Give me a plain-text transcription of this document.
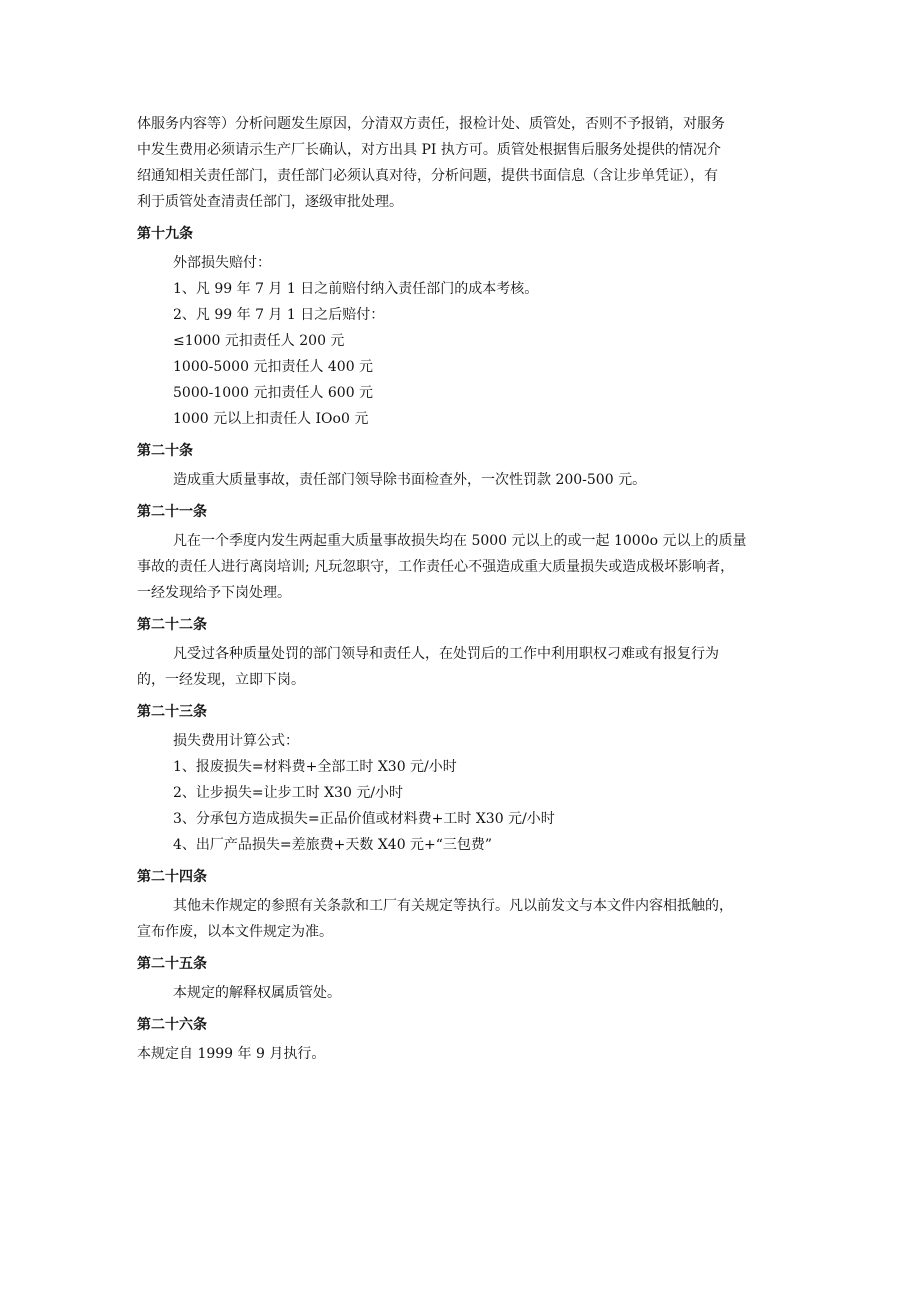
体服务内容等）分析问题发生原因，分清双方责任，报检计处、质管处，否则不予报销，对服务
中发生费用必须请示生产厂长确认，对方出具 PI 执方可。质管处根据售后服务处提供的情况介
绍通知相关责任部门，责任部门必须认真对待，分析问题，提供书面信息（含让步单凭证），有
利于质管处查清责任部门，逐级审批处理。
第十九条
外部损失赔付：
1、凡 99 年 7 月 1 日之前赔付纳入责任部门的成本考核。
2、凡 99 年 7 月 1 日之后赔付：
≤1000 元扣责任人 200 元
1000-5000 元扣责任人 400 元
5000-1000 元扣责任人 600 元
1000 元以上扣责任人 IOo0 元
第二十条
造成重大质量事故，责任部门领导除书面检查外，一次性罚款 200-500 元。
第二十一条
凡在一个季度内发生两起重大质量事故损失均在 5000 元以上的或一起 1000o 元以上的质量
事故的责任人进行离岗培训; 凡玩忽职守，工作责任心不强造成重大质量损失或造成极坏影响者，
一经发现给予下岗处理。
第二十二条
凡受过各种质量处罚的部门领导和责任人，在处罚后的工作中利用职权刁难或有报复行为
的，一经发现，立即下岗。
第二十三条
损失费用计算公式：
1、报废损失=材料费+全部工时 X30 元/小时
2、让步损失=让步工时 X30 元/小时
3、分承包方造成损失=正品价值或材料费+工时 X30 元/小时
4、出厂产品损失=差旅费+天数 X40 元+“三包费”
第二十四条
其他未作规定的参照有关条款和工厂有关规定等执行。凡以前发文与本文件内容相抵触的，
宣布作废，以本文件规定为准。
第二十五条
本规定的解释权属质管处。
第二十六条
本规定自 1999 年 9 月执行。
